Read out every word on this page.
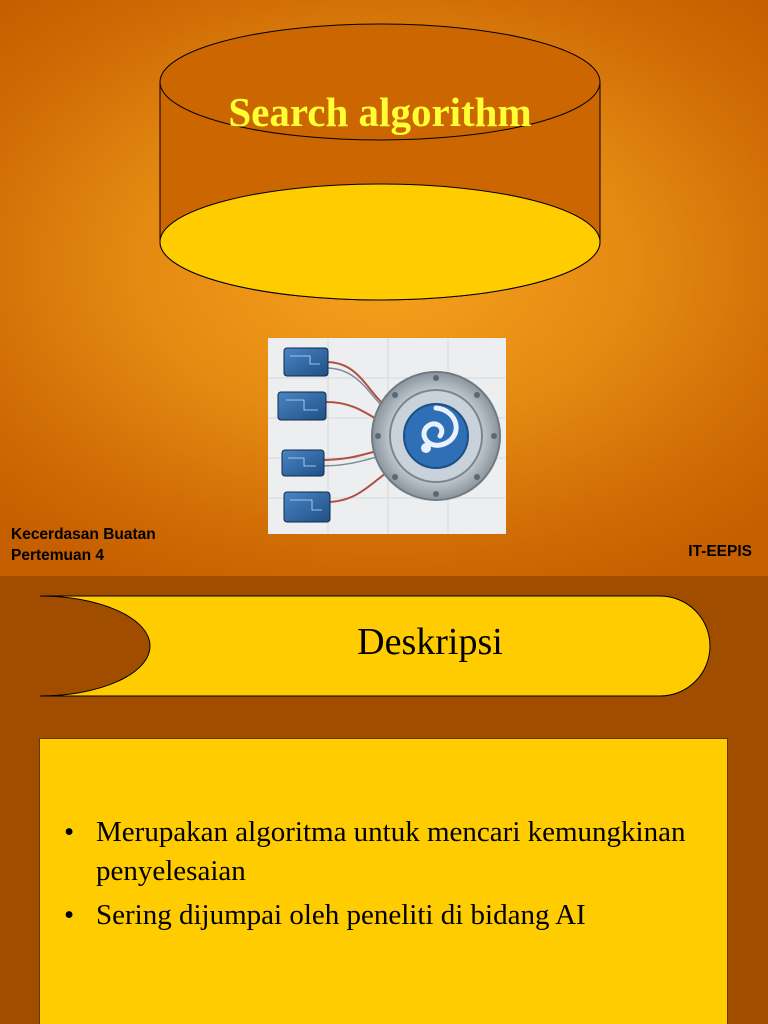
Search algorithm
Kecerdasan Buatan
Pertemuan 4	IT-EEPIS
Deskripsi
• Merupakan algoritma untuk mencari kemungkinan penyelesaian
• Sering dijumpai oleh peneliti di bidang AI
